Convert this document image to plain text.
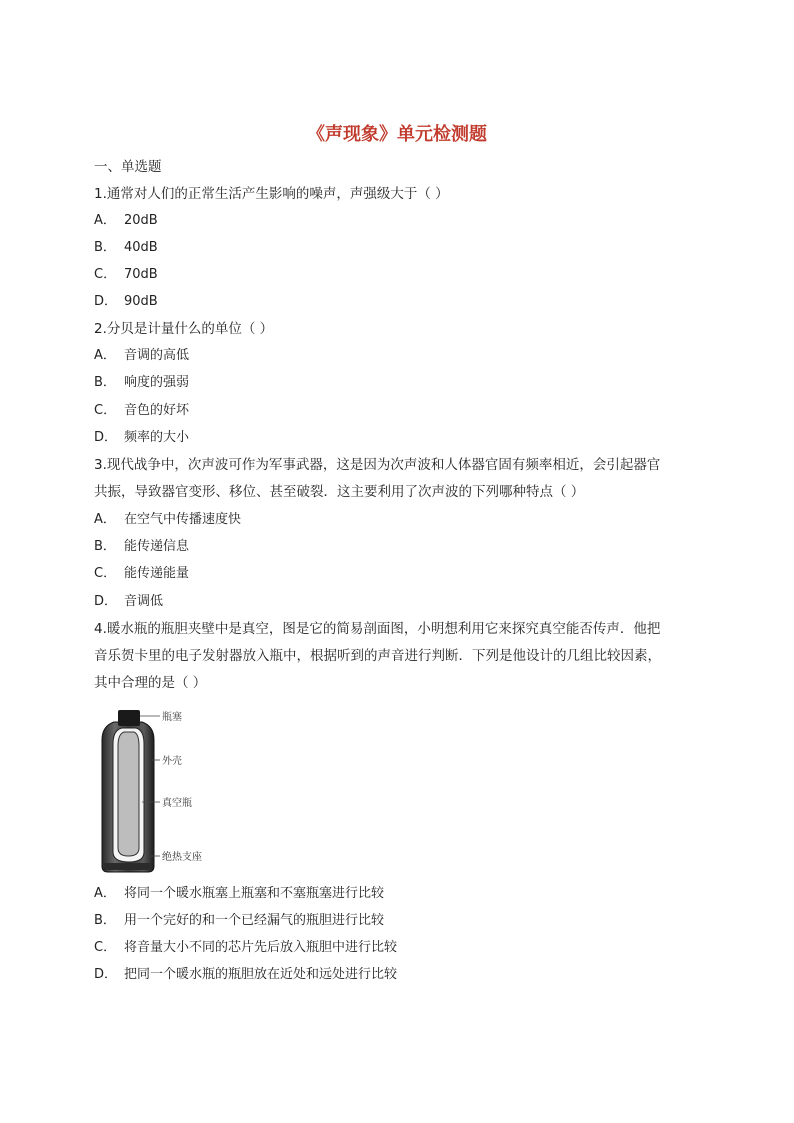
《声现象》单元检测题
一、单选题
1.通常对人们的正常生活产生影响的噪声，声强级大于（ ）
A． 20dB
B． 40dB
C． 70dB
D． 90dB
2.分贝是计量什么的单位（ ）
A． 音调的高低
B． 响度的强弱
C． 音色的好坏
D． 频率的大小
3.现代战争中，次声波可作为军事武器，这是因为次声波和人体器官固有频率相近，会引起器官
共振，导致器官变形、移位、甚至破裂．这主要利用了次声波的下列哪种特点（ ）
A． 在空气中传播速度快
B． 能传递信息
C． 能传递能量
D． 音调低
4.暖水瓶的瓶胆夹壁中是真空，图是它的简易剖面图，小明想利用它来探究真空能否传声．他把
音乐贺卡里的电子发射器放入瓶中，根据听到的声音进行判断．下列是他设计的几组比较因素，
其中合理的是（ ）
瓶塞
外壳
真空瓶
绝热支座
A． 将同一个暖水瓶塞上瓶塞和不塞瓶塞进行比较
B． 用一个完好的和一个已经漏气的瓶胆进行比较
C． 将音量大小不同的芯片先后放入瓶胆中进行比较
D． 把同一个暖水瓶的瓶胆放在近处和远处进行比较
